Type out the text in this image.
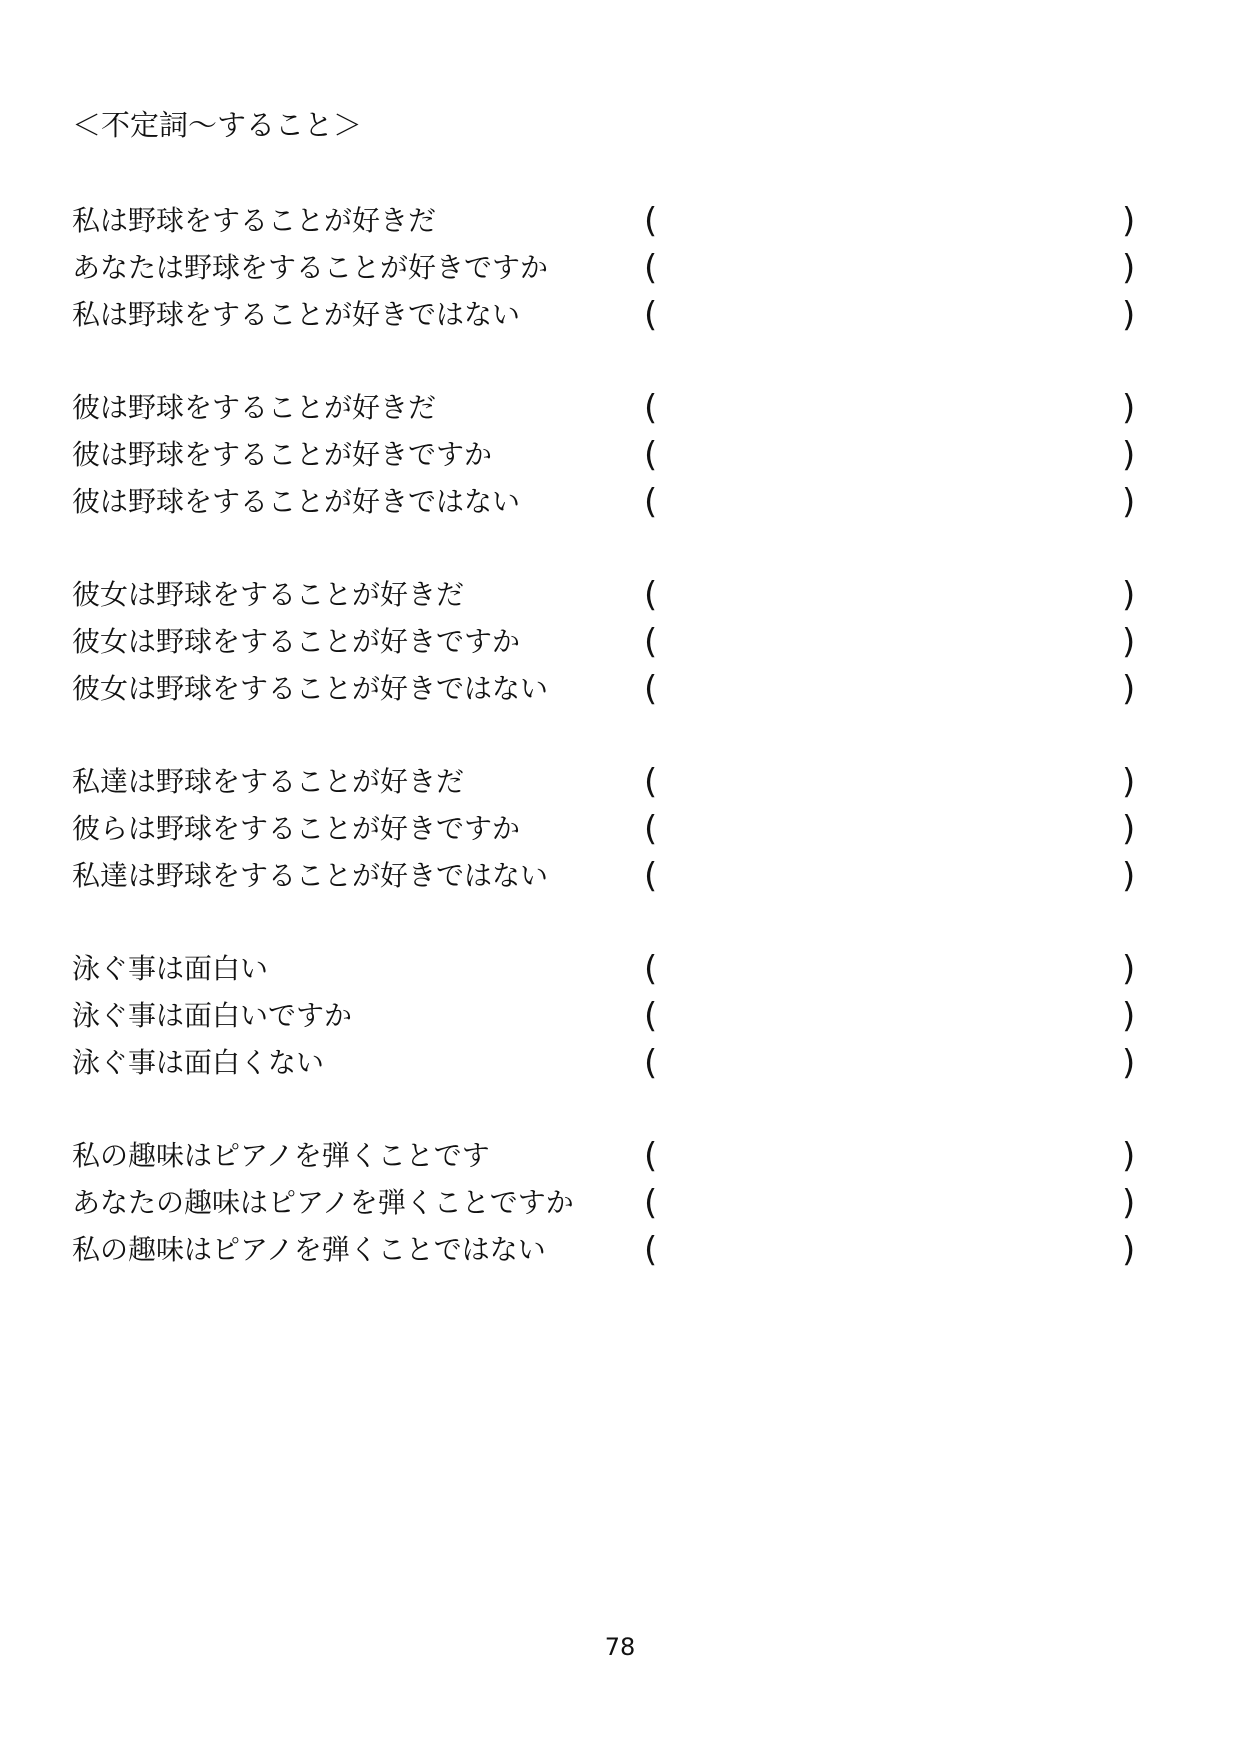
＜不定詞〜すること＞
私は野球をすることが好きだ	(	)
あなたは野球をすることが好きですか	(	)
私は野球をすることが好きではない	(	)
彼は野球をすることが好きだ	(	)
彼は野球をすることが好きですか	(	)
彼は野球をすることが好きではない	(	)
彼女は野球をすることが好きだ	(	)
彼女は野球をすることが好きですか	(	)
彼女は野球をすることが好きではない	(	)
私達は野球をすることが好きだ	(	)
彼らは野球をすることが好きですか	(	)
私達は野球をすることが好きではない	(	)
泳ぐ事は面白い	(	)
泳ぐ事は面白いですか	(	)
泳ぐ事は面白くない	(	)
私の趣味はピアノを弾くことです	(	)
あなたの趣味はピアノを弾くことですか (	)
私の趣味はピアノを弾くことではない	(	)
78
